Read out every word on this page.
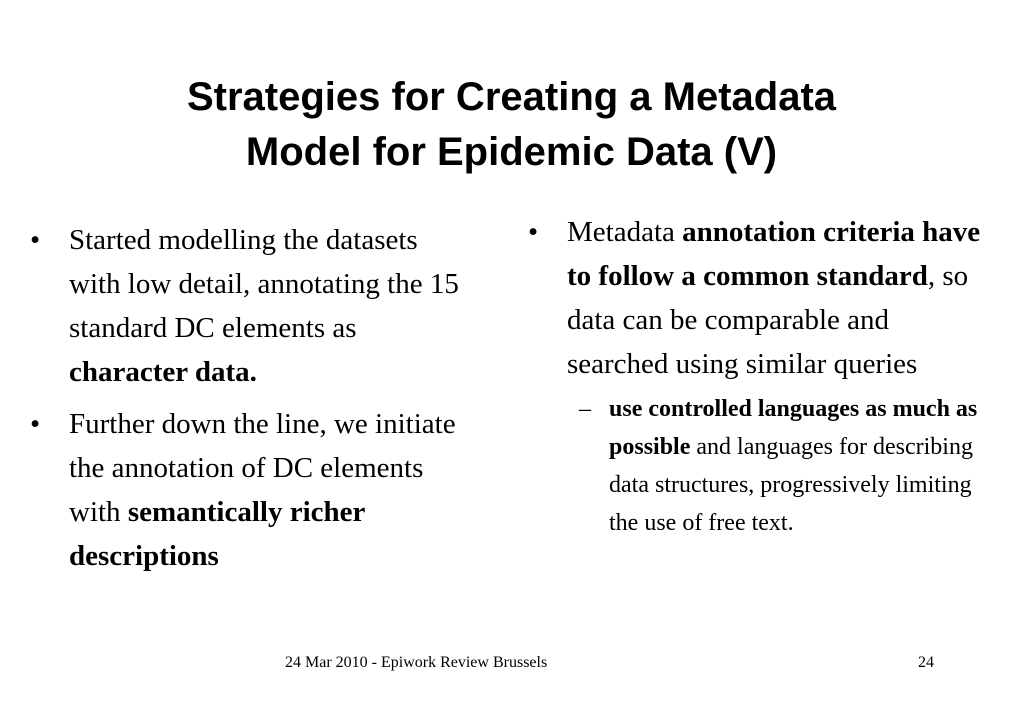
Strategies for Creating a Metadata
Model for Epidemic Data (V)
• Started modelling the datasets with low detail, annotating the 15 standard DC elements as character data.
• Further down the line, we initiate the annotation of DC elements with semantically richer descriptions
• Metadata annotation criteria have to follow a common standard, so data can be comparable and searched using similar queries
– use controlled languages as much as possible and languages for describing data structures, progressively limiting the use of free text.
24 Mar 2010 - Epiwork Review Brussels	24
